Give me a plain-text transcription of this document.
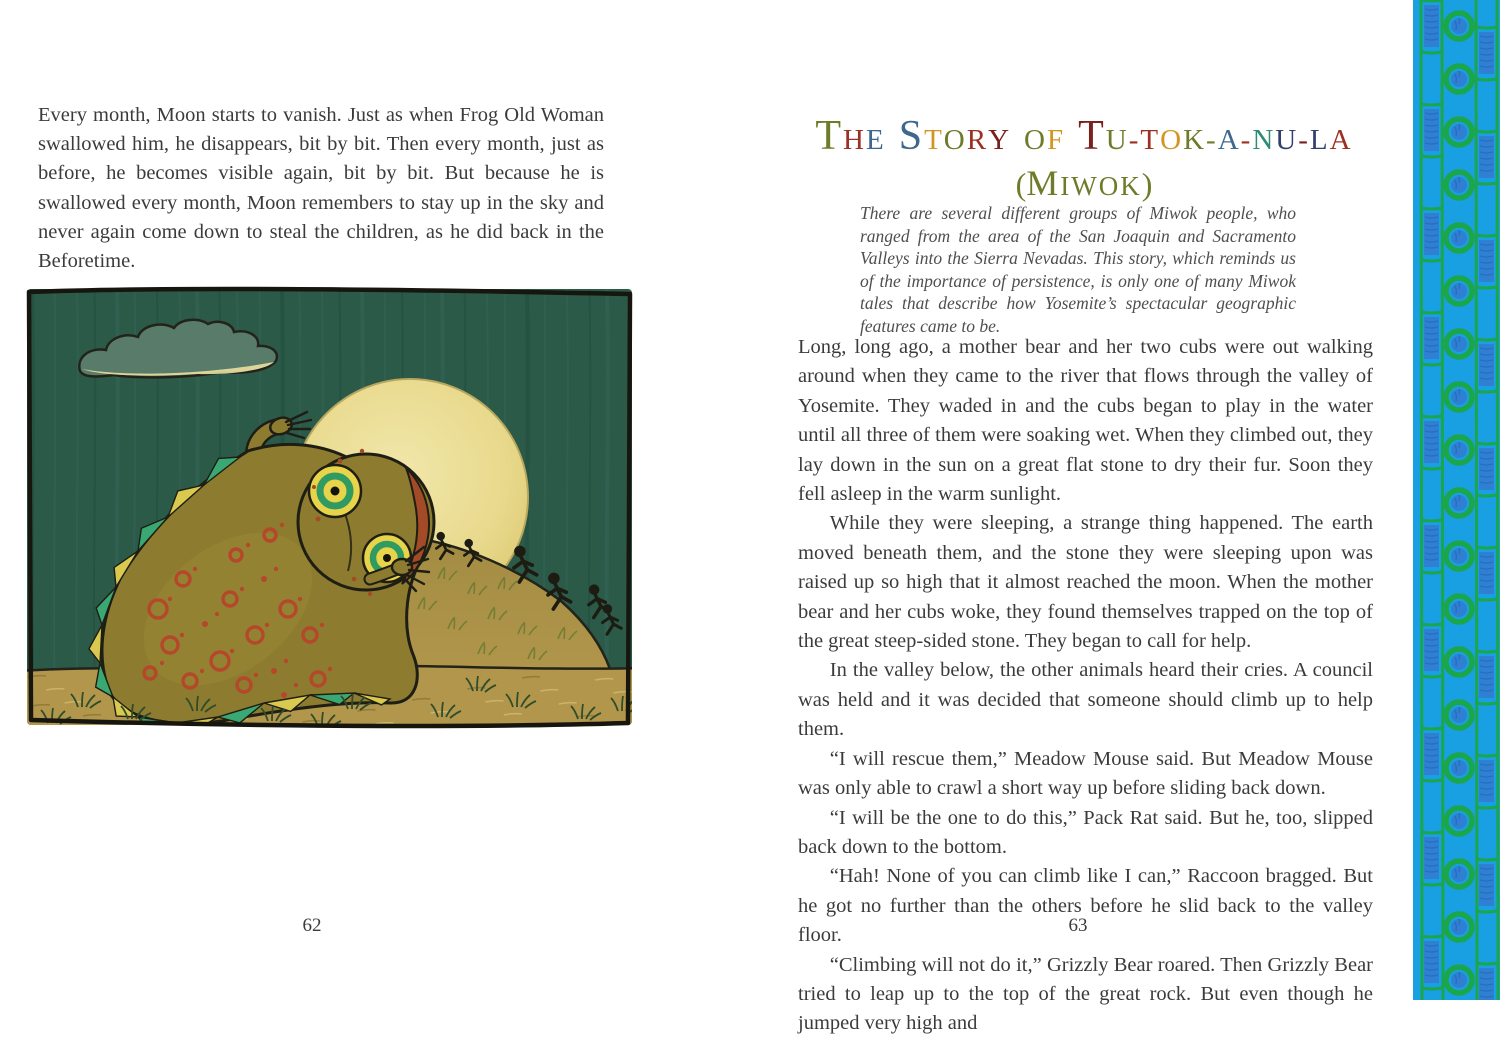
Every month, Moon starts to vanish. Just as when Frog Old Woman swallowed him, he disappears, bit by bit. Then every month, just as before, he becomes visible again, bit by bit. But because he is swallowed every month, Moon remembers to stay up in the sky and never again come down to steal the children, as he did back in the Beforetime.

62
THE STORY OF TU-TOK-A-NU-LA
(MIWOK)

There are several different groups of Miwok people, who ranged from the area of the San Joaquin and Sacramento Valleys into the Sierra Nevadas. This story, which reminds us of the importance of persistence, is only one of many Miwok tales that describe how Yosemite’s spectacular geographic features came to be.

Long, long ago, a mother bear and her two cubs were out walking around when they came to the river that flows through the valley of Yosemite. They waded in and the cubs began to play in the water until all three of them were soaking wet. When they climbed out, they lay down in the sun on a great flat stone to dry their fur. Soon they fell asleep in the warm sunlight.

While they were sleeping, a strange thing happened. The earth moved beneath them, and the stone they were sleeping upon was raised up so high that it almost reached the moon. When the mother bear and her cubs woke, they found themselves trapped on the top of the great steep-sided stone. They began to call for help.

In the valley below, the other animals heard their cries. A council was held and it was decided that someone should climb up to help them.

“I will rescue them,” Meadow Mouse said. But Meadow Mouse was only able to crawl a short way up before sliding back down.

“I will be the one to do this,” Pack Rat said. But he, too, slipped back down to the bottom.

“Hah! None of you can climb like I can,” Raccoon bragged. But he got no further than the others before he slid back to the valley floor.

“Climbing will not do it,” Grizzly Bear roared. Then Grizzly Bear tried to leap up to the top of the great rock. But even though he jumped very high and

63
